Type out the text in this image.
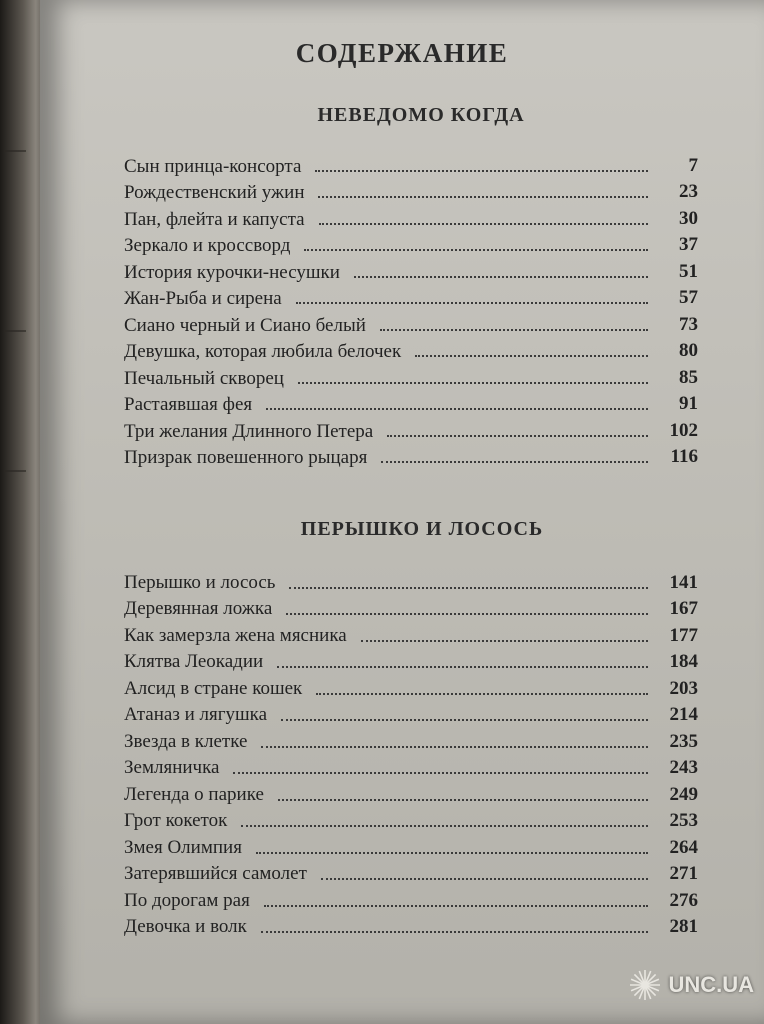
СОДЕРЖАНИЕ
НЕВЕДОМО КОГДА
Сын принца-консорта	7
Рождественский ужин	23
Пан, флейта и капуста	30
Зеркало и кроссворд	37
История курочки-несушки	51
Жан-Рыба и сирена	57
Сиано черный и Сиано белый	73
Девушка, которая любила белочек	80
Печальный скворец	85
Растаявшая фея	91
Три желания Длинного Петера	102
Призрак повешенного рыцаря	116
ПЕРЫШКО И ЛОСОСЬ
Перышко и лосось	141
Деревянная ложка	167
Как замерзла жена мясника	177
Клятва Леокадии	184
Алсид в стране кошек	203
Атаназ и лягушка	214
Звезда в клетке	235
Земляничка	243
Легенда о парике	249
Грот кокеток	253
Змея Олимпия	264
Затерявшийся самолет	271
По дорогам рая	276
Девочка и волк	281
UNC.UA
